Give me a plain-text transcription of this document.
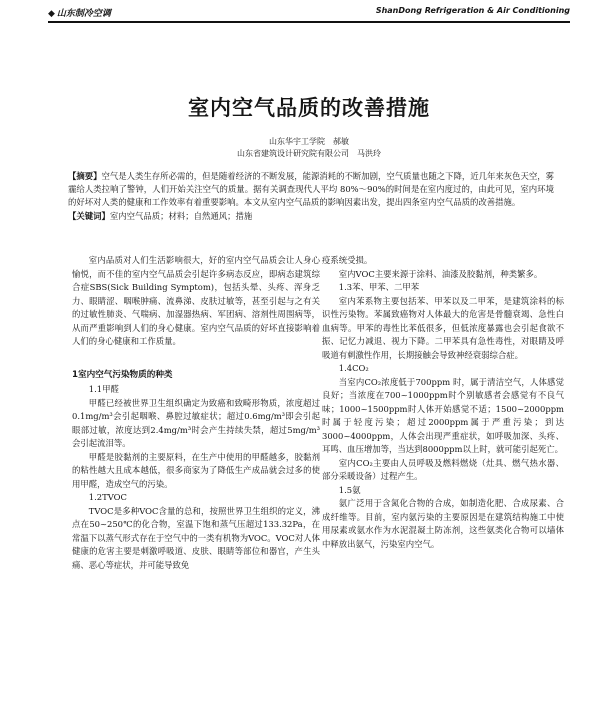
◆ 山东制冷空调	ShanDong Refrigeration & Air Conditioning
室内空气品质的改善措施
山东华宇工学院 郝敏
山东省建筑设计研究院有限公司 马洪玲
【摘要】空气是人类生存所必需的，但是随着经济的不断发展，能源消耗的不断加剧，空气质量也随之下降，近几年来灰色天空，雾霾给人类拉响了警钟，人们开始关注空气的质量。据有关调查现代人平均 80%～90%的时间是在室内度过的，由此可见，室内环境的好坏对人类的健康和工作效率有着重要影响。本文从室内空气品质的影响因素出发，提出四条室内空气品质的改善措施。
【关键词】室内空气品质；材料；自然通风；措施

室内品质对人们生活影响很大，好的室内空气品质会让人身心愉悦，而不佳的室内空气品质会引起许多病态反应，即病态建筑综合症SBS(Sick Building Symptom)，包括头晕、头疼、浑身乏力、眼睛涩、咽喉肿痛、流鼻涕、皮肤过敏等，甚至引起与之有关的过敏性肺炎、气喘病、加湿器热病、军团病、溶剂性周围病等，从而严重影响到人们的身心健康。室内空气品质的好坏直接影响着人们的身心健康和工作质量。

1室内空气污染物质的种类

1.1甲醛

甲醛已经被世界卫生组织确定为致癌和致畸形物质，浓度超过0.1mg/m³会引起咽喉、鼻腔过敏症状；超过0.6mg/m³即会引起眼部过敏，浓度达到2.4mg/m³时会产生持续失禁，超过5mg/m³会引起流泪等。

甲醛是胶黏剂的主要原料，在生产中使用的甲醛越多，胶黏剂的粘性越大且成本越低，很多商家为了降低生产成品就会过多的使用甲醛，造成空气的污染。

1.2TVOC

TVOC是多种VOC含量的总和，按照世界卫生组织的定义，沸点在50~250℃的化合物，室温下饱和蒸气压超过133.32Pa，在常温下以蒸气形式存在于空气中的一类有机物为VOC。VOC对人体健康的危害主要是刺激呼吸道、皮肤、眼睛等部位和器官，产生头痛、恶心等症状，并可能导致免

疫系统受损。

室内VOC主要来源于涂料、油漆及胶黏剂，种类繁多。

1.3苯、甲苯、二甲苯

室内苯系物主要包括苯、甲苯以及二甲苯，是建筑涂料的标识性污染物。苯属致癌物对人体最大的危害是骨髓衰竭、急性白血病等。甲苯的毒性比苯低很多，但低浓度暴露也会引起食欲不振、记忆力减退、视力下降。二甲苯具有急性毒性，对眼睛及呼吸道有刺激性作用，长期接触会导致神经衰弱综合症。

1.4CO₂

当室内CO₂浓度低于700ppm 时，属于清洁空气，人体感觉良好；当浓度在700~1000ppm时个别敏感者会感觉有不良气味；1000~1500ppm时人体开始感觉不适；1500~2000ppm时属于轻度污染；超过2000ppm属于严重污染；到达3000~4000ppm，人体会出现严重症状，如呼吸加深、头疼、耳鸣、血压增加等，当达到8000ppm以上时，就可能引起死亡。

室内CO₂主要由人员呼吸及燃料燃烧（灶具、燃气热水器、部分采暖设备）过程产生。

1.5氨

氨广泛用于含氮化合物的合成，如制造化肥、合成尿素、合成纤维等。目前，室内氨污染的主要原因是在建筑结构施工中使用尿素或氨水作为水泥混凝土防冻剂，这些氨类化合物可以墙体中释放出氨气，污染室内空气。
